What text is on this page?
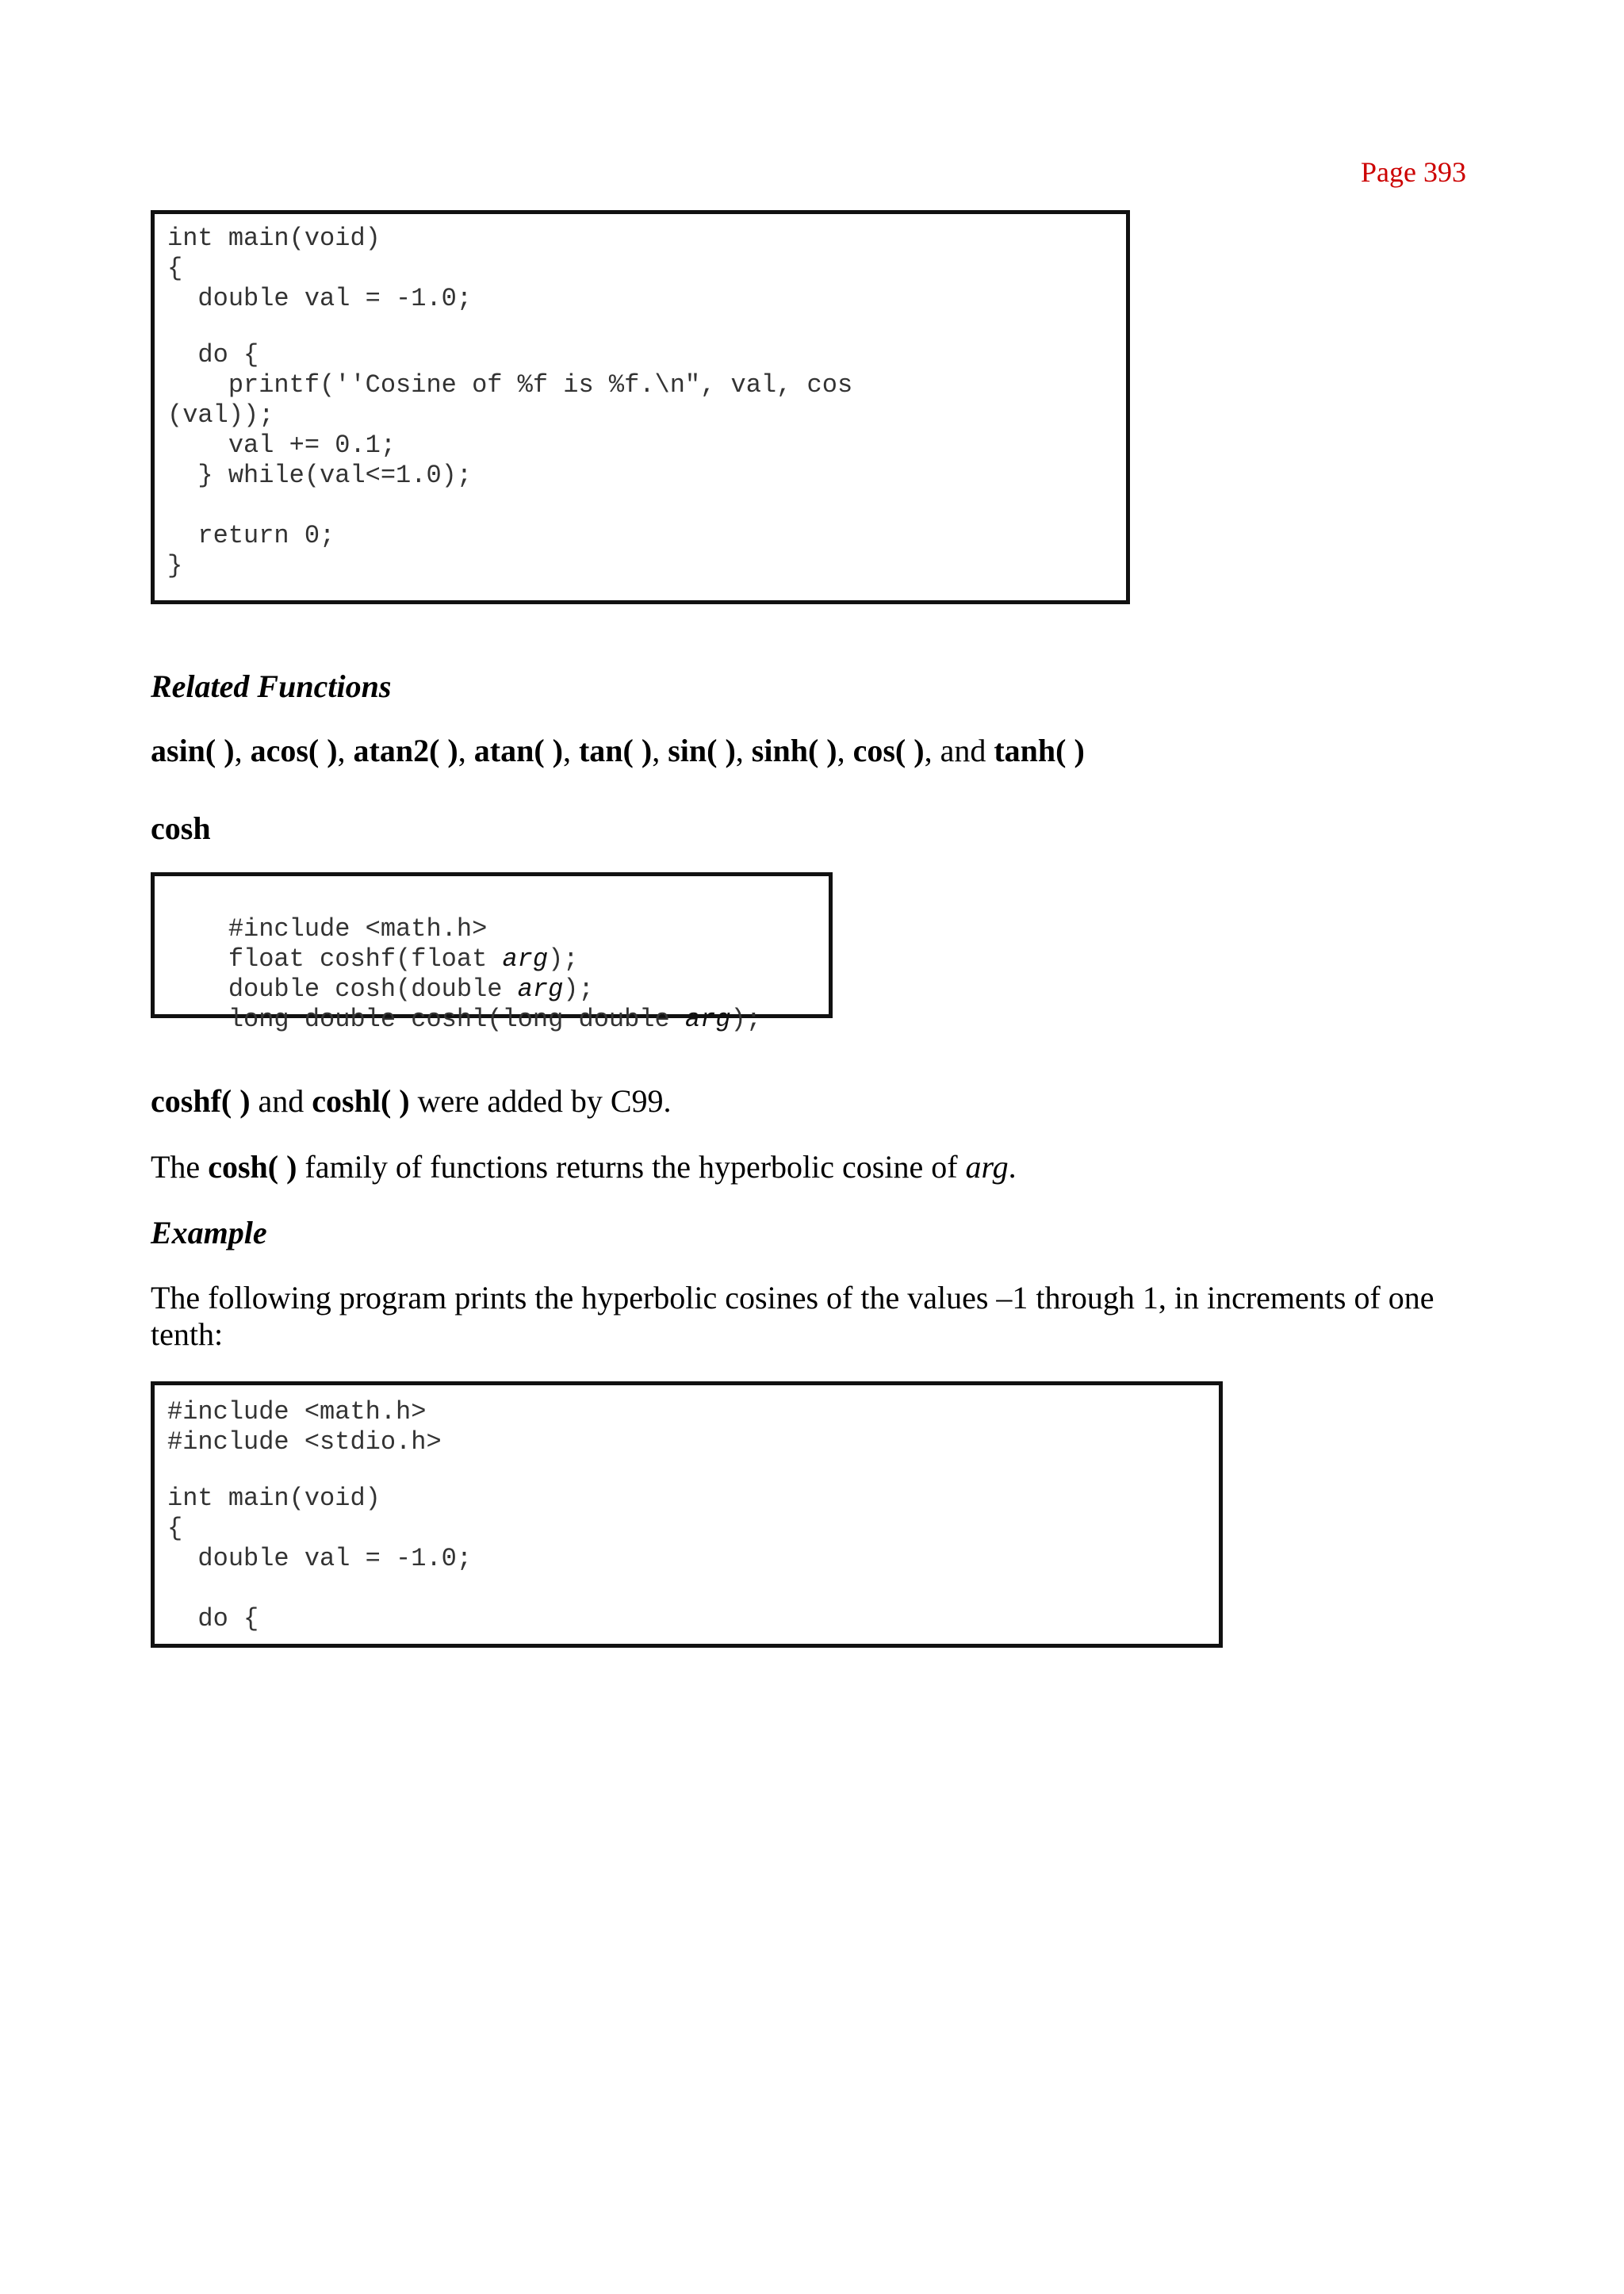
Page 393
int main(void)
{
double val = -1.0;
do {
printf(''Cosine of %f is %f.\n", val, cos
(val));
val += 0.1;
} while(val<=1.0);
return 0;
}
Related Functions
asin( ), acos( ), atan2( ), atan( ), tan( ), sin( ), sinh( ), cos( ), and tanh( )
cosh

#include <math.h>

float coshf(float arg);

double cosh(double arg);

long double coshl(long double arg);

coshf( ) and coshl( ) were added by C99.
The cosh( ) family of functions returns the hyperbolic cosine of arg.
Example
The following program prints the hyperbolic cosines of the values –1 through 1, in increments of one tenth:
#include <math.h>
#include <stdio.h>
int main(void)
{
double val = -1.0;
do {
